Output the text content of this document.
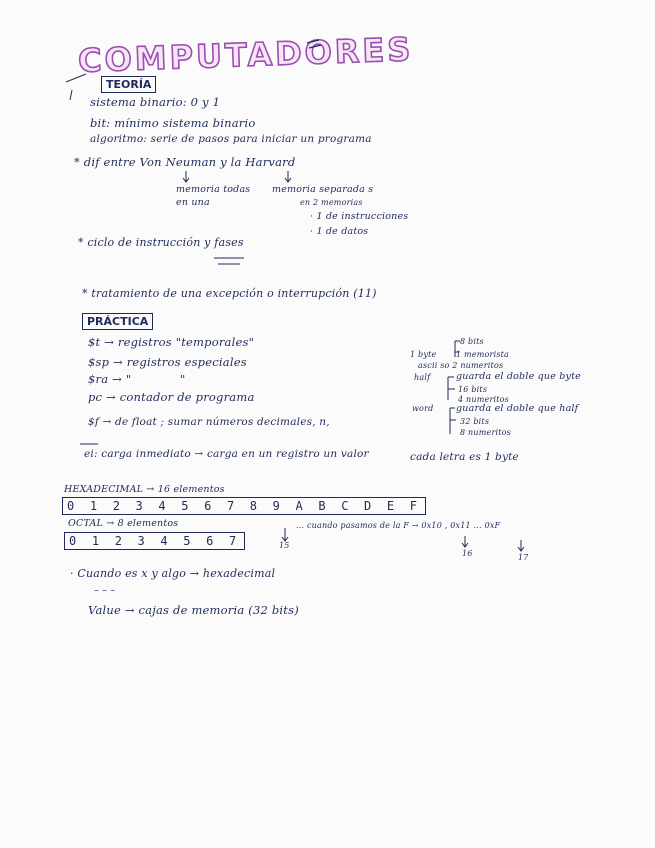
COMPUTADORES
TEORÍA
sistema binario: 0 y 1
bit: mínimo sistema binario
algoritmo: serie de pasos para iniciar un programa
* dif entre Von Neuman y la Harvard
memoria todas
en una
memoria separada s
en 2 memorias
· 1 de instrucciones
· 1 de datos
* ciclo de instrucción y fases
* tratamiento de una excepción o interrupción (11)
PRÁCTICA
$t → registros "temporales"
$sp → registros especiales
$ra → "	"
pc → contador de programa
$f → de float ; sumar números decimales, n,
ei: carga inmediato → carga en un registro un valor
8 bits
1 byte 1 memorista
ascii so 2 numeritos
half	guarda el doble que byte
16 bits
4 numeritos
word guarda el doble que half
32 bits
8 numeritos
cada letra es 1 byte
HEXADECIMAL → 16 elementos
0 1 2 3 4 5 6 7 8 9 A B C D E F
... cuando pasamos de la F → 0x10 , 0x11 ... 0xF
15
16	17
OCTAL → 8 elementos
0 1 2 3 4 5 6 7
· Cuando es x y algo → hexadecimal
– – –
Value → cajas de memoria (32 bits)
